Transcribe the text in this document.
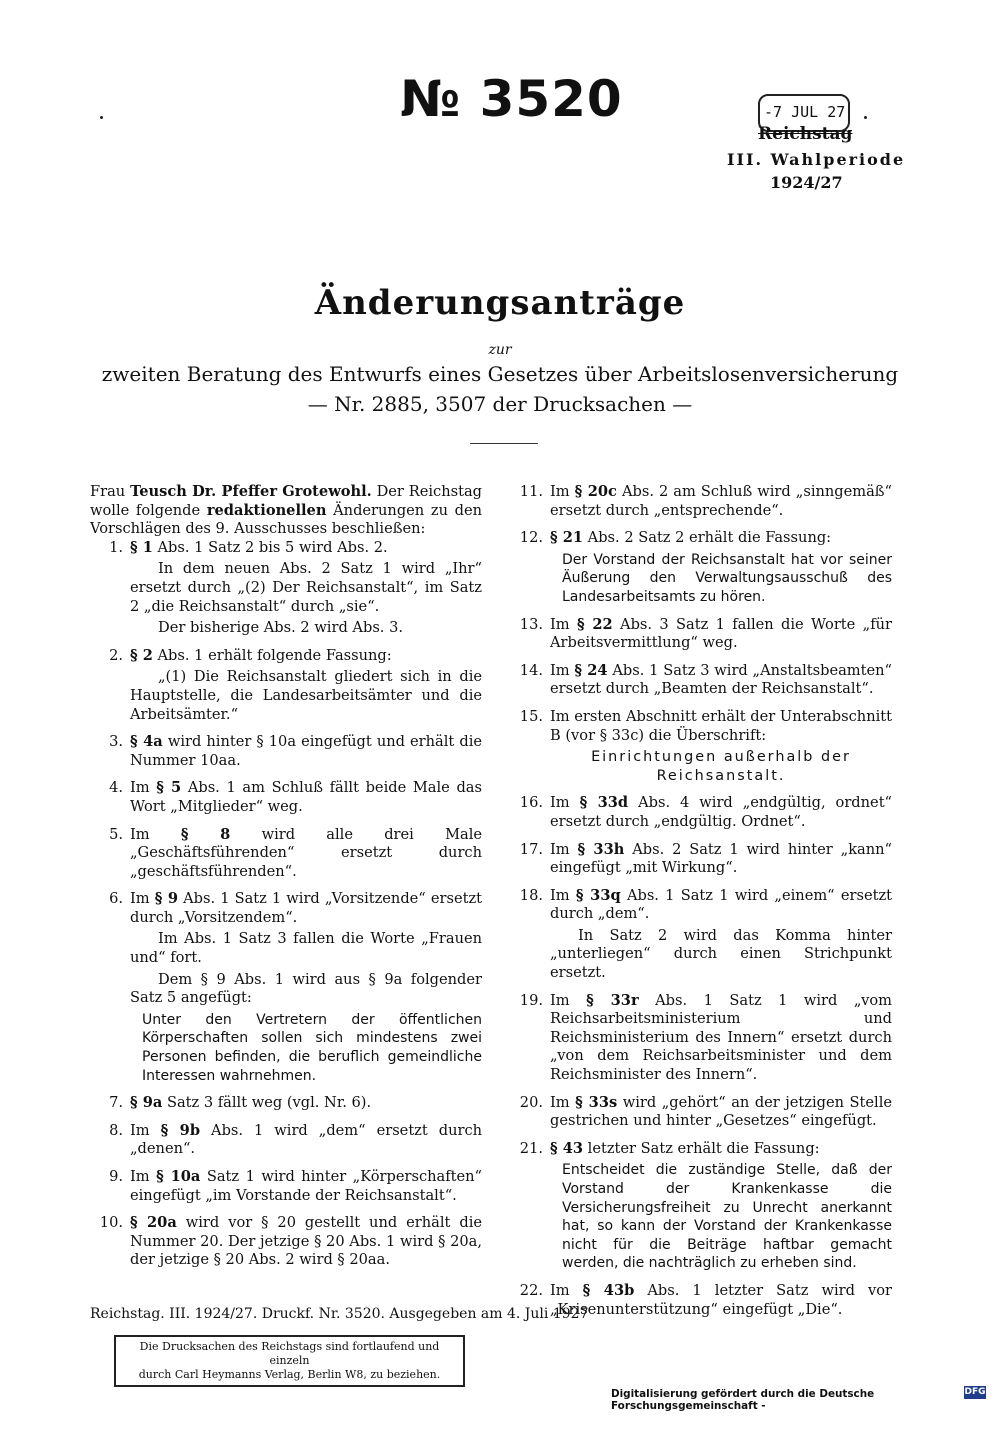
№ 3520	-7 JUL 27
Reichstag
III. Wahlperiode
1924/27
Änderungsanträge
zur
zweiten Beratung des Entwurfs eines Gesetzes über Arbeitslosenversicherung
— Nr. 2885, 3507 der Drucksachen —

Frau Teusch Dr. Pfeffer Grotewohl. Der Reichstag wolle folgende redaktionellen Änderungen zu den Vorschlägen des 9. Ausschusses beschließen:

1. § 1 Abs. 1 Satz 2 bis 5 wird Abs. 2.

In dem neuen Abs. 2 Satz 1 wird „Ihr“ ersetzt durch „(2) Der Reichsanstalt“, im Satz 2 „die Reichsanstalt“ durch „sie“.

Der bisherige Abs. 2 wird Abs. 3.

2. § 2 Abs. 1 erhält folgende Fassung:

„(1) Die Reichsanstalt gliedert sich in die Hauptstelle, die Landesarbeitsämter und die Arbeitsämter.“

3. § 4a wird hinter § 10a eingefügt und erhält die Nummer 10aa.

4. Im § 5 Abs. 1 am Schluß fällt beide Male das Wort „Mitglieder“ weg.

5. Im § 8 wird alle drei Male „Geschäftsführenden“ ersetzt durch „geschäftsführenden“.

6. Im § 9 Abs. 1 Satz 1 wird „Vorsitzende“ ersetzt durch „Vorsitzendem“.

Im Abs. 1 Satz 3 fallen die Worte „Frauen und“ fort.

Dem § 9 Abs. 1 wird aus § 9a folgender Satz 5 angefügt:

Unter den Vertretern der öffentlichen Körperschaften sollen sich mindestens zwei Personen befinden, die beruflich gemeindliche Interessen wahrnehmen.

7. § 9a Satz 3 fällt weg (vgl. Nr. 6).

8. Im § 9b Abs. 1 wird „dem“ ersetzt durch „denen“.

9. Im § 10a Satz 1 wird hinter „Körperschaften“ eingefügt „im Vorstande der Reichsanstalt“.

10. § 20a wird vor § 20 gestellt und erhält die Nummer 20. Der jetzige § 20 Abs. 1 wird § 20a, der jetzige § 20 Abs. 2 wird § 20aa.

11. Im § 20c Abs. 2 am Schluß wird „sinngemäß“ ersetzt durch „entsprechende“.

12. § 21 Abs. 2 Satz 2 erhält die Fassung:

Der Vorstand der Reichsanstalt hat vor seiner Äußerung den Verwaltungsausschuß des Landesarbeitsamts zu hören.

13. Im § 22 Abs. 3 Satz 1 fallen die Worte „für Arbeitsvermittlung“ weg.

14. Im § 24 Abs. 1 Satz 3 wird „Anstaltsbeamten“ ersetzt durch „Beamten der Reichsanstalt“.

15. Im ersten Abschnitt erhält der Unterabschnitt B (vor § 33c) die Überschrift:

Einrichtungen außerhalb der Reichsanstalt.

16. Im § 33d Abs. 4 wird „endgültig, ordnet“ ersetzt durch „endgültig. Ordnet“.

17. Im § 33h Abs. 2 Satz 1 wird hinter „kann“ eingefügt „mit Wirkung“.

18. Im § 33q Abs. 1 Satz 1 wird „einem“ ersetzt durch „dem“.

In Satz 2 wird das Komma hinter „unterliegen“ durch einen Strichpunkt ersetzt.

19. Im § 33r Abs. 1 Satz 1 wird „vom Reichsarbeitsministerium und Reichsministerium des Innern“ ersetzt durch „von dem Reichsarbeitsminister und dem Reichsminister des Innern“.

20. Im § 33s wird „gehört“ an der jetzigen Stelle gestrichen und hinter „Gesetzes“ eingefügt.

21. § 43 letzter Satz erhält die Fassung:

Entscheidet die zuständige Stelle, daß der Vorstand der Krankenkasse die Versicherungsfreiheit zu Unrecht anerkannt hat, so kann der Vorstand der Krankenkasse nicht für die Beiträge haftbar gemacht werden, die nachträglich zu erheben sind.

22. Im § 43b Abs. 1 letzter Satz wird vor „Krisenunterstützung“ eingefügt „Die“.

Reichstag. III. 1924/27. Druckf. Nr. 3520. Ausgegeben am 4. Juli 1927
Die Drucksachen des Reichstags sind fortlaufend und einzeln
durch Carl Heymanns Verlag, Berlin W8, zu beziehen.
Digitalisierung gefördert durch die Deutsche Forschungsgemeinschaft -
DFG
